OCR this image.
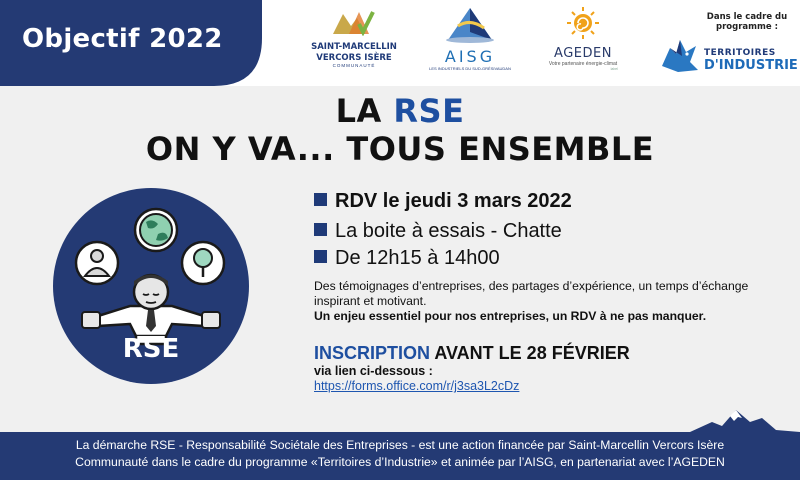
Objectif 2022	SAINT-MARCELLIN
VERCORS ISÈRE
COMMUNAUTÉ	AISG
LES INDUSTRIELS DU SUD-GRÉSIVAUDAN
AGEDEN
Votre partenaire énergie-climat
label
Dans le cadre du
programme :
TERRITOIRES
D'INDUSTRIE
LA RSE
ON Y VA... TOUS ENSEMBLE
RSE
RDV le jeudi 3 mars 2022
La boite à essais - Chatte
De 12h15 à 14h00
Des témoignages d’entreprises, des partages d’expérience, un temps d’échange inspirant et motivant.
Un enjeu essentiel pour nos entreprises, un RDV à ne pas manquer.
INSCRIPTION AVANT LE 28 FÉVRIER
via lien ci-dessous :
https://forms.office.com/r/j3sa3L2cDz
La démarche RSE - Responsabilité Sociétale des Entreprises - est une action financée par Saint-Marcellin Vercors Isère
Communauté dans le cadre du programme «Territoires d’Industrie» et animée par l’AISG, en partenariat avec l’AGEDEN
